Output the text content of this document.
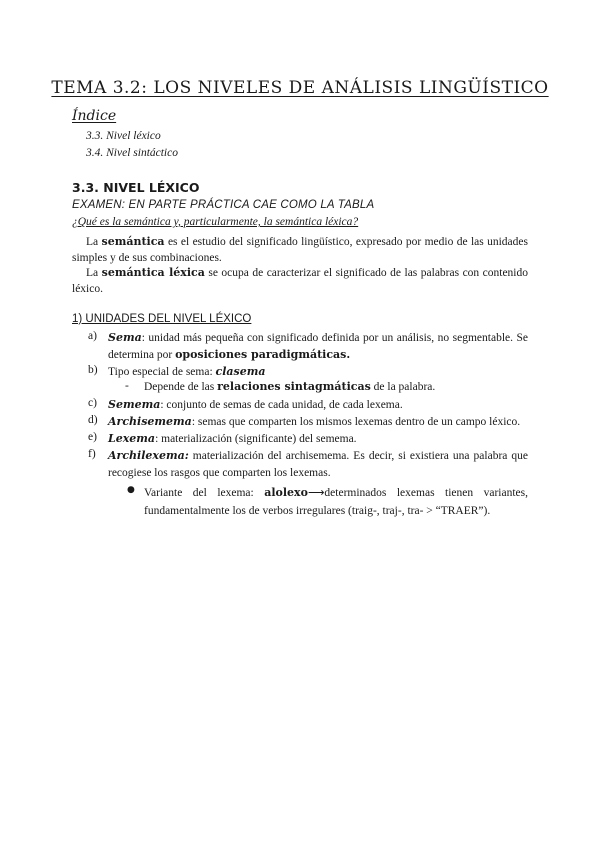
TEMA 3.2: LOS NIVELES DE ANÁLISIS LINGÜÍSTICO
Índice
3.3. Nivel léxico
3.4. Nivel sintáctico
3.3. NIVEL LÉXICO
EXAMEN: EN PARTE PRÁCTICA CAE COMO LA TABLA
¿Qué es la semántica y, particularmente, la semántica léxica?
La semántica es el estudio del significado lingüístico, expresado por medio de las unidades simples y de sus combinaciones.
La semántica léxica se ocupa de caracterizar el significado de las palabras con contenido léxico.
1) UNIDADES DEL NIVEL LÉXICO
a) Sema: unidad más pequeña con significado definida por un análisis, no segmentable. Se determina por oposiciones paradigmáticas.
b) Tipo especial de sema: clasema
- Depende de las relaciones sintagmáticas de la palabra.
c) Semema: conjunto de semas de cada unidad, de cada lexema.
d) Archisemema: semas que comparten los mismos lexemas dentro de un campo léxico.
e) Lexema: materialización (significante) del semema.
f) Archilexema: materialización del archisemema. Es decir, si existiera una palabra que recogiese los rasgos que comparten los lexemas.
● Variante del lexema: alolexo⟶determinados lexemas tienen variantes, fundamentalmente los de verbos irregulares (traig-, traj-, tra- > “TRAER”).
